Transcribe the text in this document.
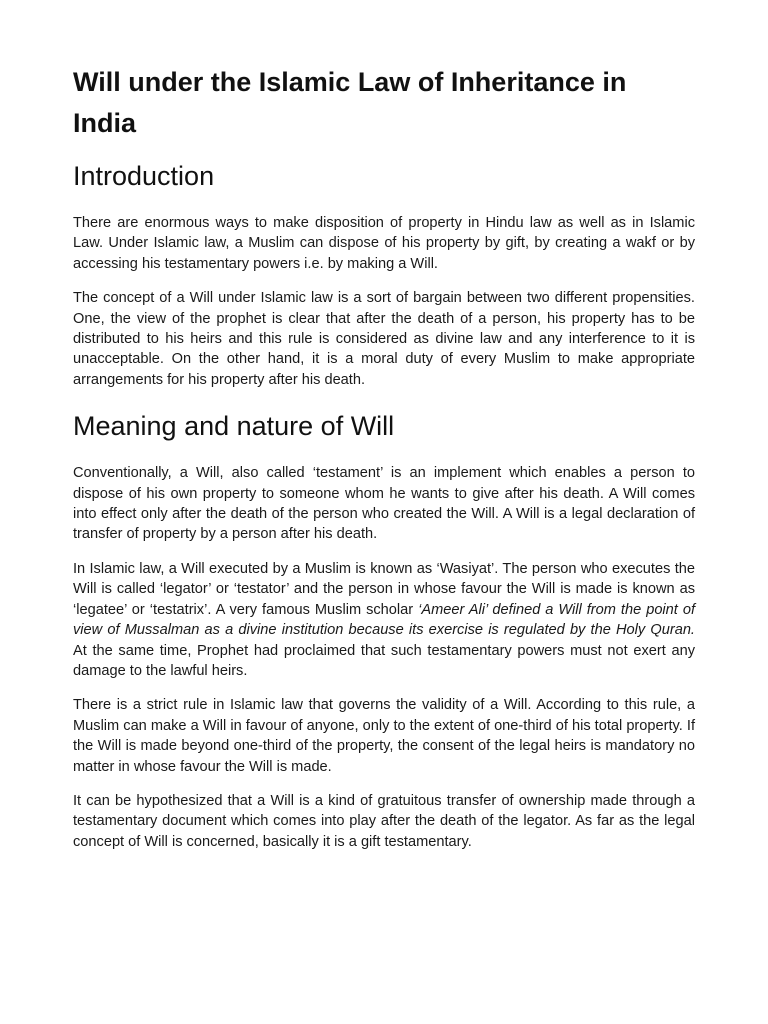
Will under the Islamic Law of Inheritance in India
Introduction

There are enormous ways to make disposition of property in Hindu law as well as in Islamic Law. Under Islamic law, a Muslim can dispose of his property by gift, by creating a wakf or by accessing his testamentary powers i.e. by making a Will.

The concept of a Will under Islamic law is a sort of bargain between two different propensities. One, the view of the prophet is clear that after the death of a person, his property has to be distributed to his heirs and this rule is considered as divine law and any interference to it is unacceptable. On the other hand, it is a moral duty of every Muslim to make appropriate arrangements for his property after his death.

Meaning and nature of Will

Conventionally, a Will, also called ‘testament’ is an implement which enables a person to dispose of his own property to someone whom he wants to give after his death. A Will comes into effect only after the death of the person who created the Will. A Will is a legal declaration of transfer of property by a person after his death.

In Islamic law, a Will executed by a Muslim is known as ‘Wasiyat’. The person who executes the Will is called ‘legator’ or ‘testator’ and the person in whose favour the Will is made is known as ‘legatee’ or ‘testatrix’. A very famous Muslim scholar ‘Ameer Ali’ defined a Will from the point of view of Mussalman as a divine institution because its exercise is regulated by the Holy Quran. At the same time, Prophet had proclaimed that such testamentary powers must not exert any damage to the lawful heirs.

There is a strict rule in Islamic law that governs the validity of a Will. According to this rule, a Muslim can make a Will in favour of anyone, only to the extent of one-third of his total property. If the Will is made beyond one-third of the property, the consent of the legal heirs is mandatory no matter in whose favour the Will is made.

It can be hypothesized that a Will is a kind of gratuitous transfer of ownership made through a testamentary document which comes into play after the death of the legator. As far as the legal concept of Will is concerned, basically it is a gift testamentary.
